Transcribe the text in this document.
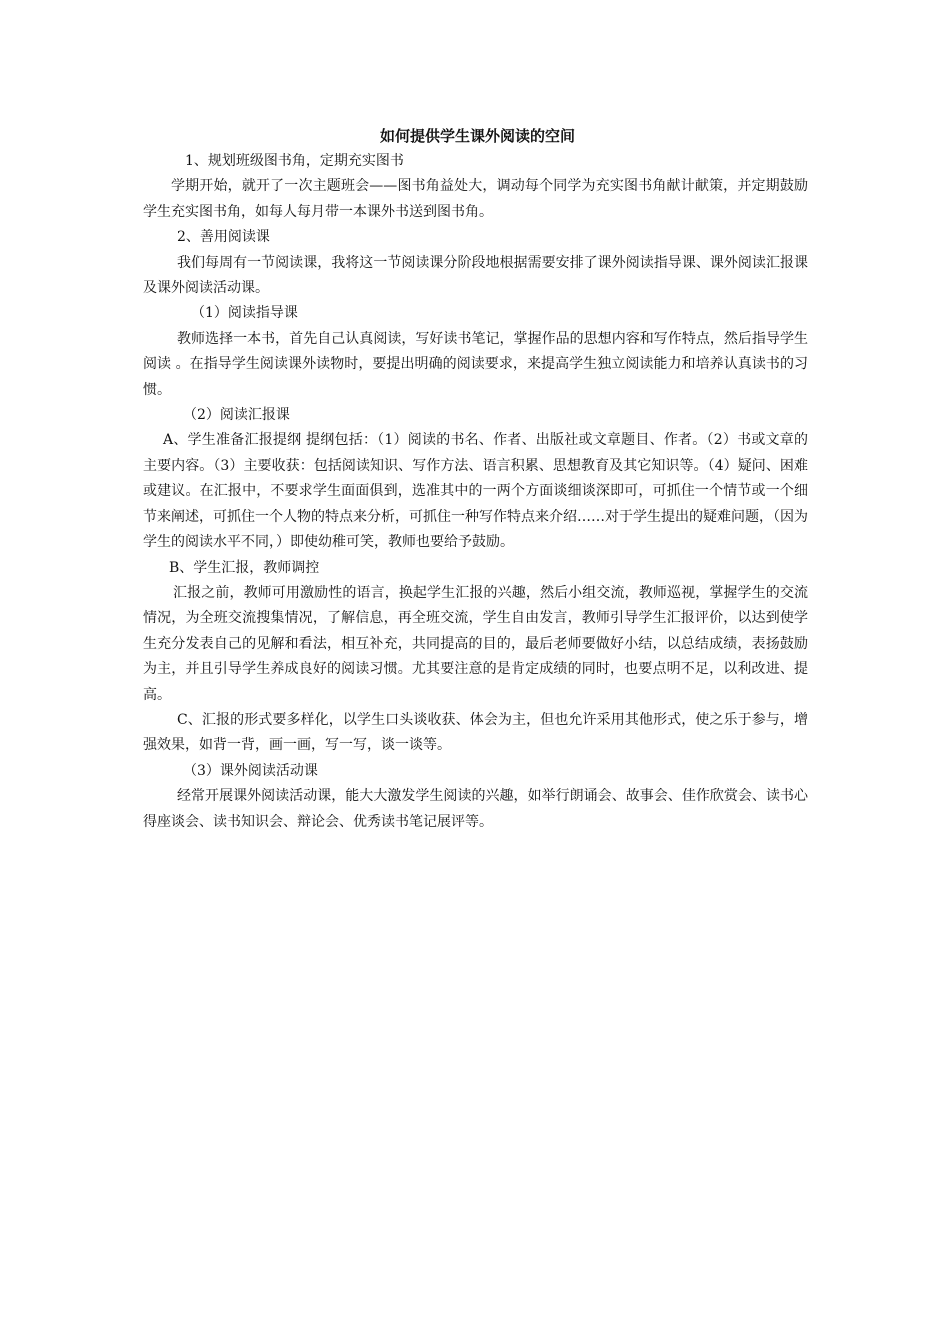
如何提供学生课外阅读的空间

1、规划班级图书角，定期充实图书

学期开始，就开了一次主题班会——图书角益处大，调动每个同学为充实图书角献计献策，并定期鼓励学生充实图书角，如每人每月带一本课外书送到图书角。

2、善用阅读课

我们每周有一节阅读课，我将这一节阅读课分阶段地根据需要安排了课外阅读指导课、课外阅读汇报课及课外阅读活动课。

（1）阅读指导课

教师选择一本书，首先自己认真阅读，写好读书笔记，掌握作品的思想内容和写作特点，然后指导学生阅读 。在指导学生阅读课外读物时，要提出明确的阅读要求，来提高学生独立阅读能力和培养认真读书的习惯。

（2）阅读汇报课

A、学生准备汇报提纲 提纲包括：（1）阅读的书名、作者、出版社或文章题目、作者。（2）书或文章的主要内容。（3）主要收获：包括阅读知识、写作方法、语言积累、思想教育及其它知识等。（4）疑问、困难或建议。在汇报中，不要求学生面面俱到，选准其中的一两个方面谈细谈深即可，可抓住一个情节或一个细节来阐述，可抓住一个人物的特点来分析，可抓住一种写作特点来介绍……对于学生提出的疑难问题，（因为学生的阅读水平不同，）即使幼稚可笑，教师也要给予鼓励。

B、学生汇报，教师调控

汇报之前，教师可用激励性的语言，换起学生汇报的兴趣，然后小组交流，教师巡视，掌握学生的交流情况，为全班交流搜集情况，了解信息，再全班交流，学生自由发言，教师引导学生汇报评价，以达到使学生充分发表自己的见解和看法，相互补充，共同提高的目的，最后老师要做好小结，以总结成绩，表扬鼓励为主，并且引导学生养成良好的阅读习惯。尤其要注意的是肯定成绩的同时，也要点明不足，以利改进、提高。

C、汇报的形式要多样化，以学生口头谈收获、体会为主，但也允许采用其他形式，使之乐于参与，增强效果，如背一背，画一画，写一写，谈一谈等。

（3）课外阅读活动课

经常开展课外阅读活动课，能大大激发学生阅读的兴趣，如举行朗诵会、故事会、佳作欣赏会、读书心得座谈会、读书知识会、辩论会、优秀读书笔记展评等。
